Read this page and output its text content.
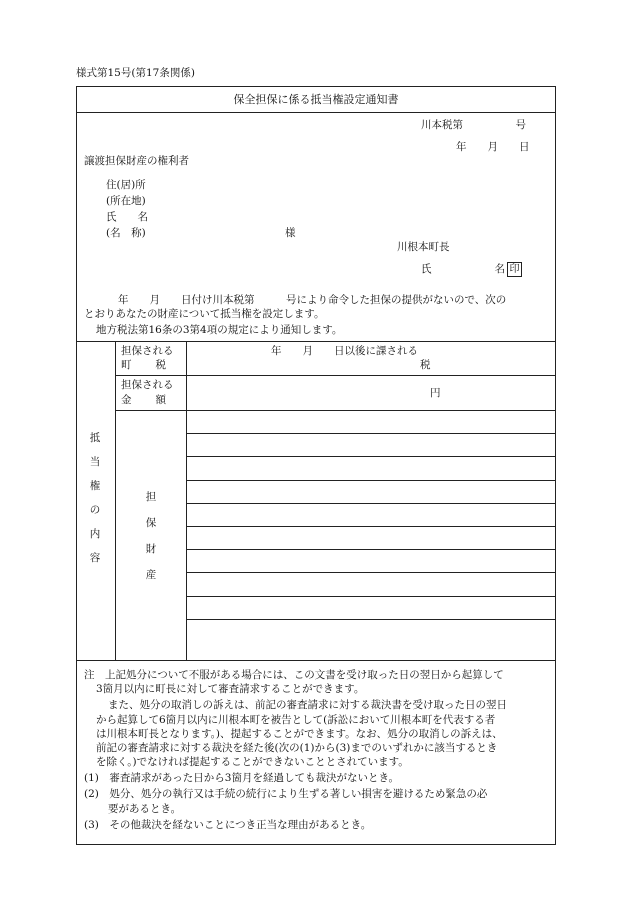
様式第15号(第17条関係)
保全担保に係る抵当権設定通知書
川本税第　　　　　号
年　　月　　日
譲渡担保財産の権利者
住(居)所
(所在地)
氏　　名
(名　称)	様
川根本町長
氏　　　　　　名 印
年　　月　　日付け川本税第　　　号により命令した担保の提供がないので、次の
とおりあなたの財産について抵当権を設定します。
地方税法第16条の3第4項の規定により通知します。
抵
当
権
の
内
容
担保される
町　　税
年　　月　　日以後に課される
税
担保される
金　　額
円
担
保
財
産
注　上記処分について不服がある場合には、この文書を受け取った日の翌日から起算して
3箇月以内に町長に対して審査請求することができます。
また、処分の取消しの訴えは、前記の審査請求に対する裁決書を受け取った日の翌日
から起算して6箇月以内に川根本町を被告として(訴訟において川根本町を代表する者
は川根本町長となります。)、提起することができます。なお、処分の取消しの訴えは、
前記の審査請求に対する裁決を経た後(次の(1)から(3)までのいずれかに該当するとき
を除く。)でなければ提起することができないこととされています。
(1)　審査請求があった日から3箇月を経過しても裁決がないとき。
(2)　処分、処分の執行又は手続の続行により生ずる著しい損害を避けるため緊急の必
要があるとき。
(3)　その他裁決を経ないことにつき正当な理由があるとき。
